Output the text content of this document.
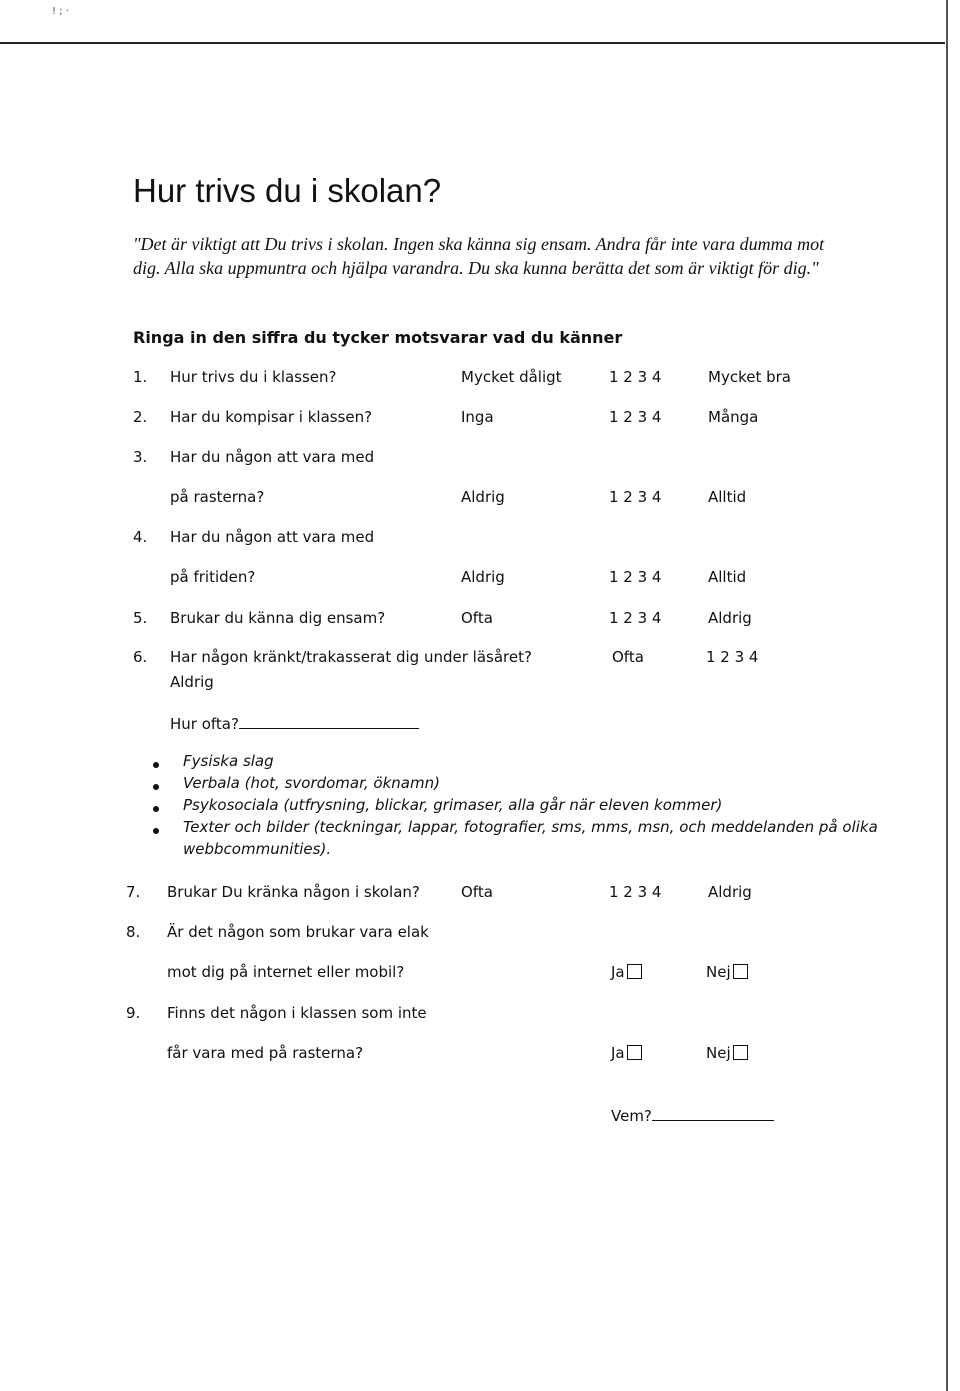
! ; ·
Hur trivs du i skolan?
"Det är viktigt att Du trivs i skolan. Ingen ska känna sig ensam. Andra får inte vara dumma mot dig. Alla ska uppmuntra och hjälpa varandra. Du ska kunna berätta det som är viktigt för dig."
Ringa in den siffra du tycker motsvarar vad du känner
1. Hur trivs du i klassen?	Mycket dåligt	1 2 3 4	Mycket bra
2. Har du kompisar i klassen?	Inga	1 2 3 4	Många
3. Har du någon att vara med
på rasterna?	Aldrig	1 2 3 4	Alltid
4. Har du någon att vara med
på fritiden?	Aldrig	1 2 3 4	Alltid
5. Brukar du känna dig ensam?	Ofta	1 2 3 4	Aldrig
6. Har någon kränkt/trakasserat dig under läsåret?	Ofta	1 2 3 4
Aldrig
Hur ofta?
Fysiska slag
Verbala (hot, svordomar, öknamn)
Psykosociala (utfrysning, blickar, grimaser, alla går när eleven kommer)
Texter och bilder (teckningar, lappar, fotografier, sms, mms, msn, och meddelanden på olika
webbcommunities).
7. Brukar Du kränka någon i skolan?	Ofta	1 2 3 4	Aldrig
8. Är det någon som brukar vara elak
mot dig på internet eller mobil?	Ja	Nej
9. Finns det någon i klassen som inte
får vara med på rasterna?	Ja	Nej
Vem?
